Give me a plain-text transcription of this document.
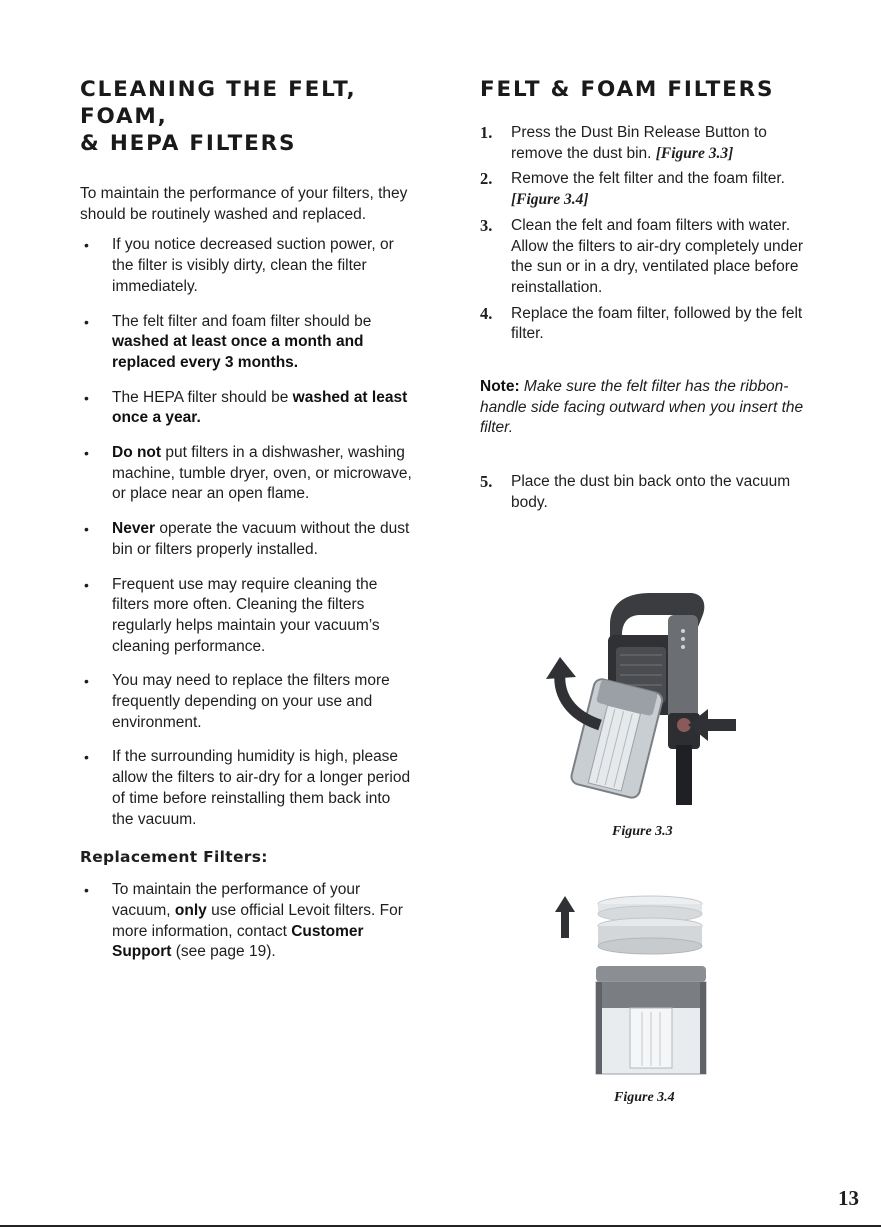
CLEANING THE FELT, FOAM,
& HEPA FILTERS

To maintain the performance of your filters, they should be routinely washed and replaced.

• If you notice decreased suction power, or the filter is visibly dirty, clean the filter immediately.
• The felt filter and foam filter should be washed at least once a month and replaced every 3 months.
• The HEPA filter should be washed at least once a year.
• Do not put filters in a dishwasher, washing machine, tumble dryer, oven, or microwave, or place near an open flame.
• Never operate the vacuum without the dust bin or filters properly installed.
• Frequent use may require cleaning the filters more often. Cleaning the filters regularly helps maintain your vacuum’s cleaning performance.
• You may need to replace the filters more frequently depending on your use and environment.
• If the surrounding humidity is high, please allow the filters to air-dry for a longer period of time before reinstalling them back into the vacuum.
Replacement Filters:
• To maintain the performance of your vacuum, only use official Levoit filters. For more information, contact Customer Support (see page 19).
FELT & FOAM FILTERS
1. Press the Dust Bin Release Button to remove the dust bin. [Figure 3.3]
2. Remove the felt filter and the foam filter. [Figure 3.4]
3. Clean the felt and foam filters with water. Allow the filters to air-dry completely under the sun or in a dry, ventilated place before reinstallation.
4. Replace the foam filter, followed by the felt filter.

Note: Make sure the felt filter has the ribbon-handle side facing outward when you insert the filter.

5. Place the dust bin back onto the vacuum body.
Figure 3.3
Figure 3.4
13
